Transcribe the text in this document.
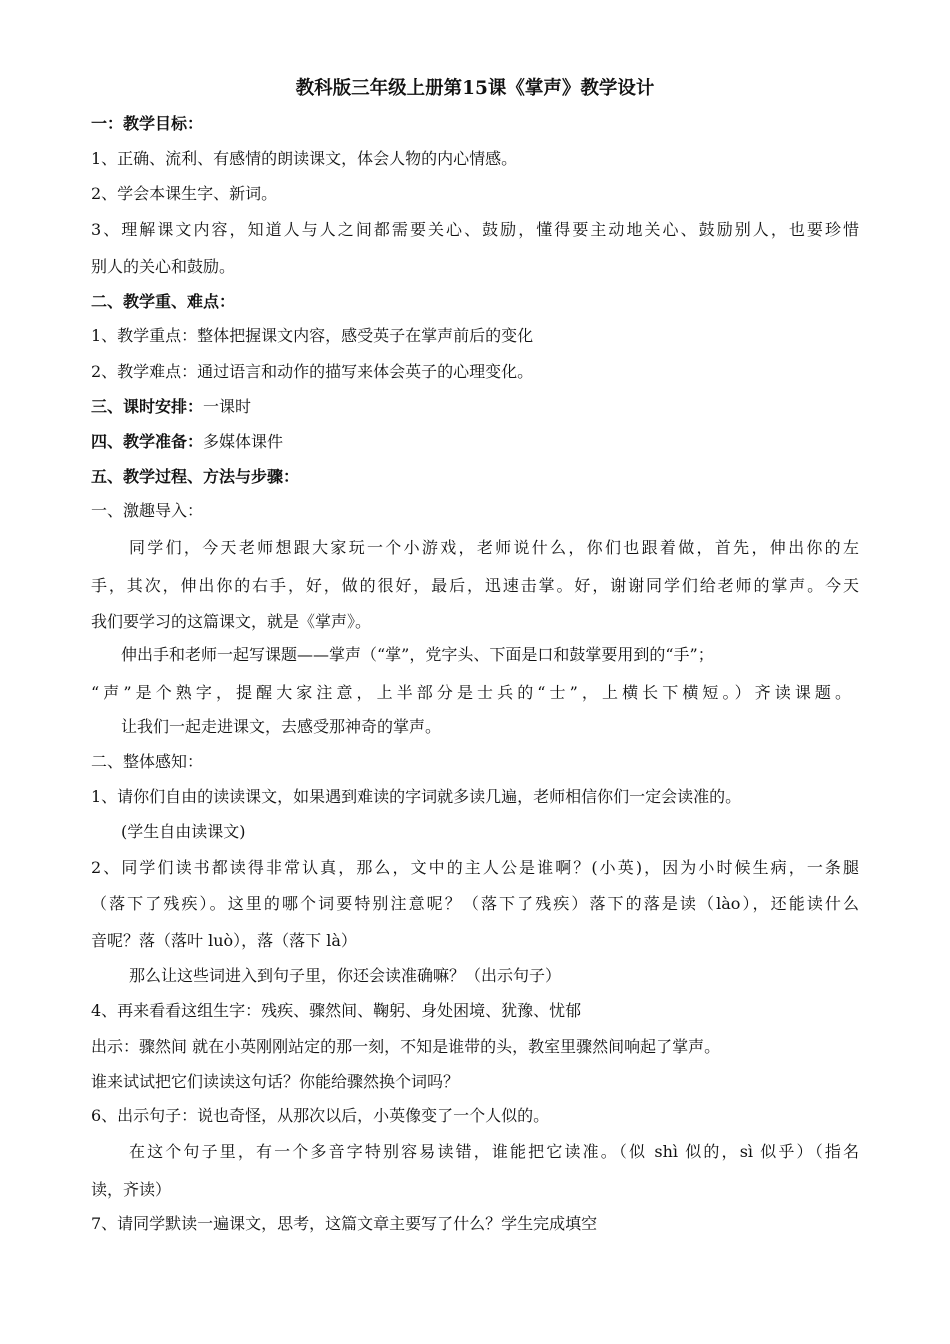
教科版三年级上册第15课《掌声》教学设计
一：教学目标：
1、正确、流利、有感情的朗读课文，体会人物的内心情感。
2、学会本课生字、新词。
3、理解课文内容，知道人与人之间都需要关心、鼓励，懂得要主动地关心、鼓励别人，也要珍惜
别人的关心和鼓励。
二、教学重、难点：
1、教学重点：整体把握课文内容，感受英子在掌声前后的变化
2、教学难点：通过语言和动作的描写来体会英子的心理变化。
三、课时安排：一课时
四、教学准备：多媒体课件
五、教学过程、方法与步骤：
一、激趣导入：
同学们，今天老师想跟大家玩一个小游戏，老师说什么，你们也跟着做，首先，伸出你的左
手，其次，伸出你的右手，好，做的很好，最后，迅速击掌。好，谢谢同学们给老师的掌声。今天
我们要学习的这篇课文，就是《掌声》。
伸出手和老师一起写课题——掌声（“掌”，党字头、下面是口和鼓掌要用到的“手”；
“声”是个熟字，提醒大家注意，上半部分是士兵的“士”，上横长下横短。）齐读课题。
让我们一起走进课文，去感受那神奇的掌声。
二、整体感知：
1、请你们自由的读读课文，如果遇到难读的字词就多读几遍，老师相信你们一定会读准的。
(学生自由读课文)
2、同学们读书都读得非常认真，那么，文中的主人公是谁啊？(小英)，因为小时候生病，一条腿
（落下了残疾）。这里的哪个词要特别注意呢？（落下了残疾）落下的落是读（lào），还能读什么
音呢？落（落叶 luò），落（落下 là）
那么让这些词进入到句子里，你还会读准确嘛？（出示句子）
4、再来看看这组生字：残疾、骤然间、鞠躬、身处困境、犹豫、忧郁
出示：骤然间 就在小英刚刚站定的那一刻，不知是谁带的头，教室里骤然间响起了掌声。
谁来试试把它们读读这句话？你能给骤然换个词吗？
6、出示句子：说也奇怪，从那次以后，小英像变了一个人似的。
在这个句子里，有一个多音字特别容易读错，谁能把它读准。（似 shì 似的，sì 似乎）（指名
读，齐读）
7、请同学默读一遍课文，思考，这篇文章主要写了什么？学生完成填空
